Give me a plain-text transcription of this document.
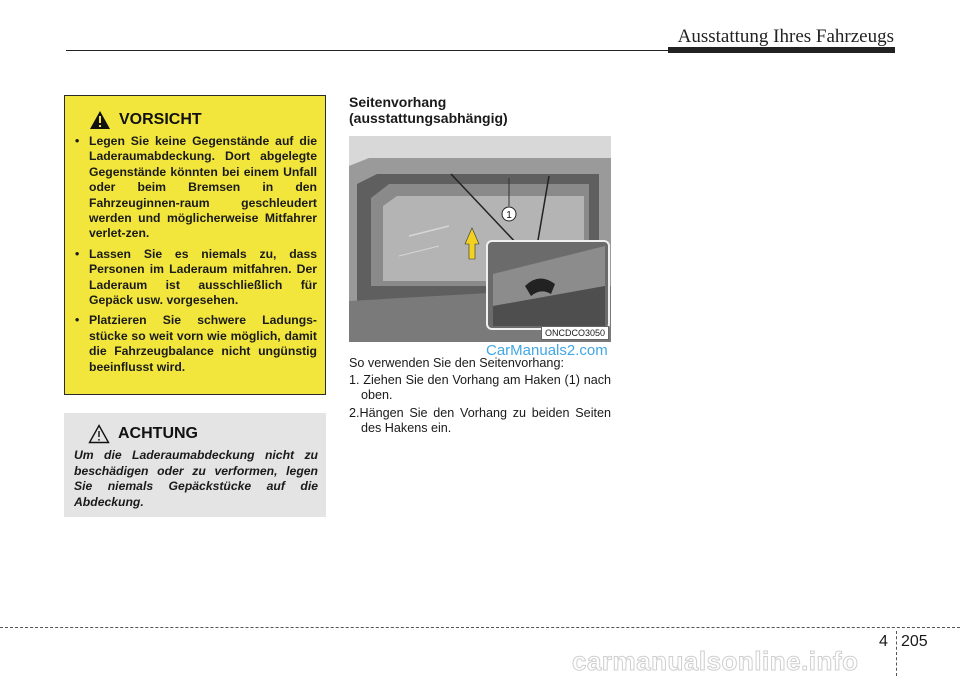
Ausstattung Ihres Fahrzeugs
VORSICHT
• Legen Sie keine Gegenstände auf die Laderaumabdeckung. Dort abgelegte Gegenstände könnten bei einem Unfall oder beim Bremsen in den Fahrzeuginnen-raum geschleudert werden und möglicherweise Mitfahrer verlet-zen.
• Lassen Sie es niemals zu, dass Personen im Laderaum mitfahren. Der Laderaum ist ausschließlich für Gepäck usw. vorgesehen.
• Platzieren Sie schwere Ladungs-stücke so weit vorn wie möglich, damit die Fahrzeugbalance nicht ungünstig beeinflusst wird.
ACHTUNG

Um die Laderaumabdeckung nicht zu beschädigen oder zu verformen, legen Sie niemals Gepäckstücke auf die Abdeckung.

Seitenvorhang
(ausstattungsabhängig)
1
ONCDCO3050
CarManuals2.com

So verwenden Sie den Seitenvorhang:

1. Ziehen Sie den Vorhang am Haken (1) nach oben.
2.Hängen Sie den Vorhang zu beiden Seiten des Hakens ein.
4 205
carmanualsonline.info
